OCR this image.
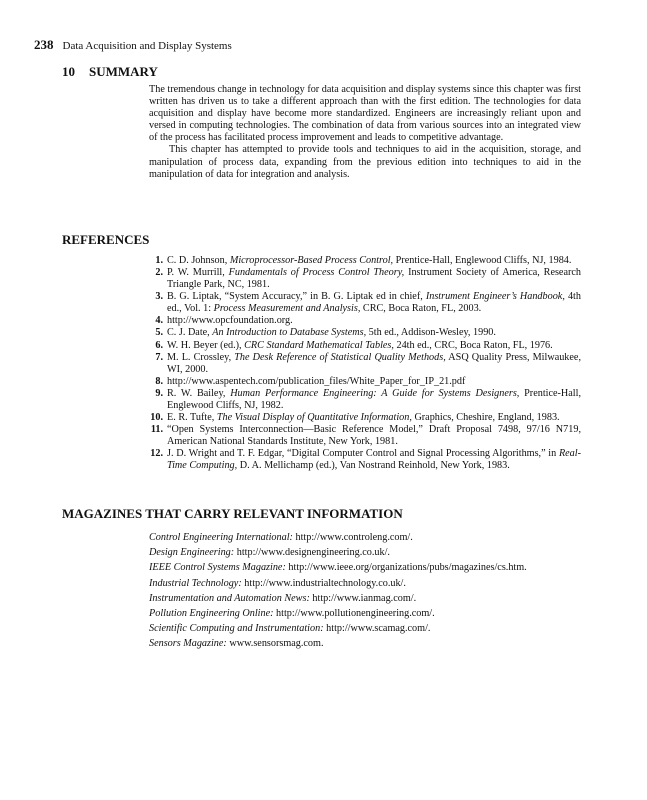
238 Data Acquisition and Display Systems
10 SUMMARY

The tremendous change in technology for data acquisition and display systems since this chapter was first written has driven us to take a different approach than with the first edition. The technologies for data acquisition and display have become more standardized. Engineers are increasingly reliant upon and versed in computing technologies. The combination of data from various sources into an integrated view of the process has facilitated process improvement and leads to competitive advantage.

This chapter has attempted to provide tools and techniques to aid in the acquisition, storage, and manipulation of process data, expanding from the previous edition into techniques to aid in the manipulation of data for integration and analysis.

REFERENCES
1. C. D. Johnson, Microprocessor-Based Process Control, Prentice-Hall, Englewood Cliffs, NJ, 1984.
2. P. W. Murrill, Fundamentals of Process Control Theory, Instrument Society of America, Research Triangle Park, NC, 1981.
3. B. G. Liptak, “System Accuracy,” in B. G. Liptak ed in chief, Instrument Engineer’s Handbook, 4th ed., Vol. 1: Process Measurement and Analysis, CRC, Boca Raton, FL, 2003.
4. http://www.opcfoundation.org.
5. C. J. Date, An Introduction to Database Systems, 5th ed., Addison-Wesley, 1990.
6. W. H. Beyer (ed.), CRC Standard Mathematical Tables, 24th ed., CRC, Boca Raton, FL, 1976.
7. M. L. Crossley, The Desk Reference of Statistical Quality Methods, ASQ Quality Press, Milwaukee, WI, 2000.
8. http://www.aspentech.com/publication_files/White_Paper_for_IP_21.pdf
9. R. W. Bailey, Human Performance Engineering: A Guide for Systems Designers, Prentice-Hall, Englewood Cliffs, NJ, 1982.
10. E. R. Tufte, The Visual Display of Quantitative Information, Graphics, Cheshire, England, 1983.
11. “Open Systems Interconnection—Basic Reference Model,” Draft Proposal 7498, 97/16 N719, American National Standards Institute, New York, 1981.
12. J. D. Wright and T. F. Edgar, “Digital Computer Control and Signal Processing Algorithms,” in Real-Time Computing, D. A. Mellichamp (ed.), Van Nostrand Reinhold, New York, 1983.
MAGAZINES THAT CARRY RELEVANT INFORMATION
Control Engineering International: http://www.controleng.com/.
Design Engineering: http://www.designengineering.co.uk/.
IEEE Control Systems Magazine: http://www.ieee.org/organizations/pubs/magazines/cs.htm.
Industrial Technology: http://www.industrialtechnology.co.uk/.
Instrumentation and Automation News: http://www.ianmag.com/.
Pollution Engineering Online: http://www.pollutionengineering.com/.
Scientific Computing and Instrumentation: http://www.scamag.com/.
Sensors Magazine: www.sensorsmag.com.
